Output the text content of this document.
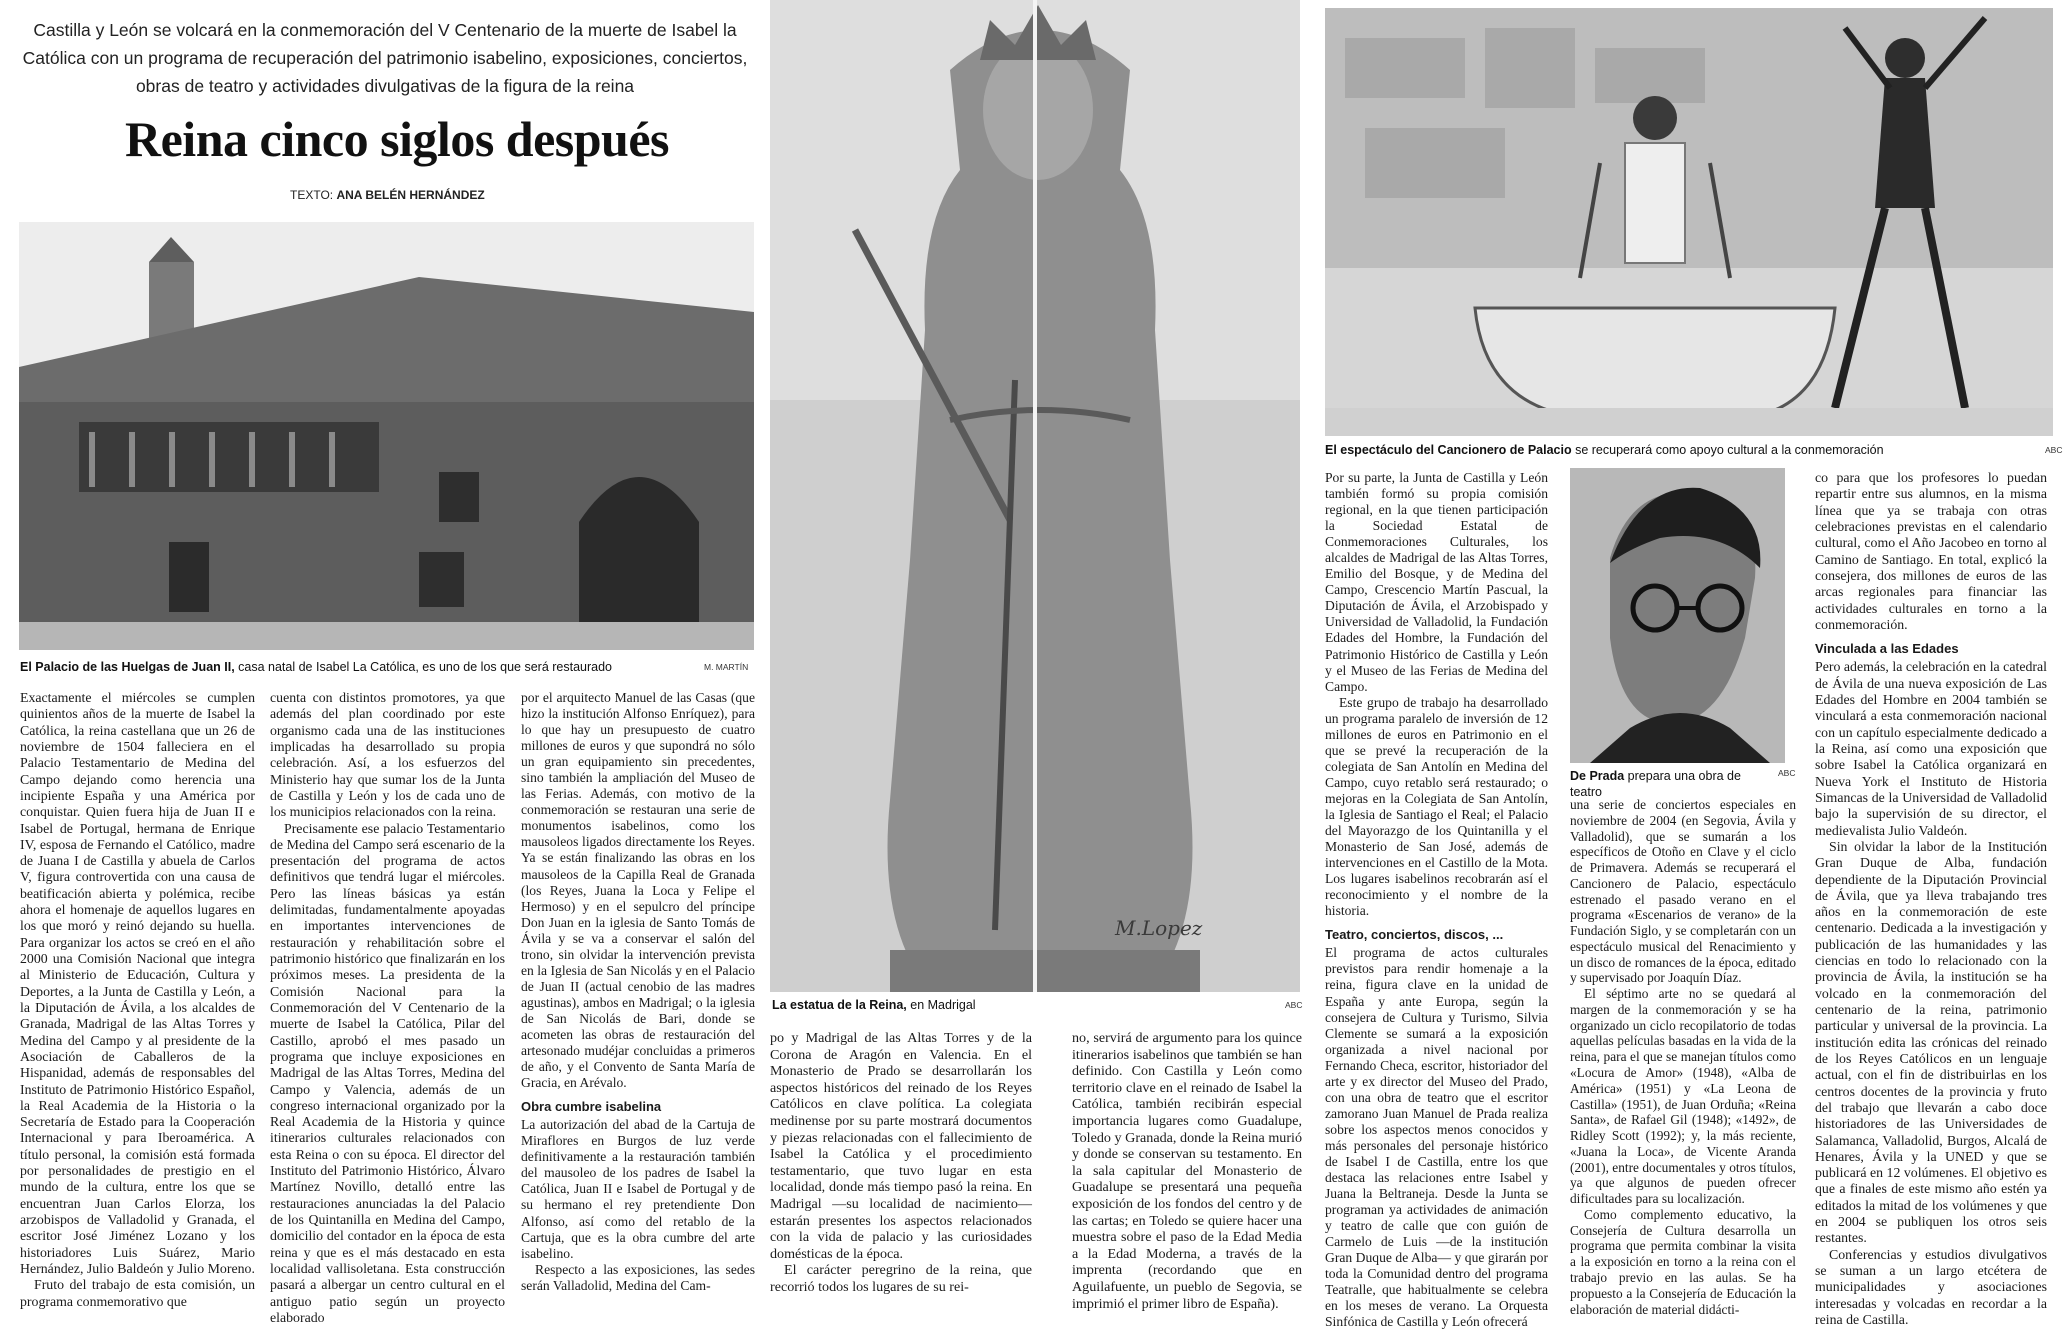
Castilla y León se volcará en la conmemoración del V Centenario de la muerte de Isabel la Católica con un programa de recuperación del patrimonio isabelino, exposiciones, conciertos, obras de teatro y actividades divulgativas de la figura de la reina
Reina cinco siglos después
TEXTO: ANA BELÉN HERNÁNDEZ
El Palacio de las Huelgas de Juan II, casa natal de Isabel La Católica, es uno de los que será restaurado	M. MARTÍN

Exactamente el miércoles se cumplen quinientos años de la muerte de Isabel la Católica, la reina castellana que un 26 de noviembre de 1504 falleciera en el Palacio Testamentario de Medina del Campo dejando como herencia una incipiente España y una América por conquistar. Quien fuera hija de Juan II e Isabel de Portugal, hermana de Enrique IV, esposa de Fernando el Católico, madre de Juana I de Castilla y abuela de Carlos V, figura controvertida con una causa de beatificación abierta y polémica, recibe ahora el homenaje de aquellos lugares en los que moró y reinó dejando su huella. Para organizar los actos se creó en el año 2000 una Comisión Nacional que integra al Ministerio de Educación, Cultura y Deportes, a la Junta de Castilla y León, a la Diputación de Ávila, a los alcaldes de Granada, Madrigal de las Altas Torres y Medina del Campo y al presidente de la Asociación de Caballeros de la Hispanidad, además de responsables del Instituto de Patrimonio Histórico Español, la Real Academia de la Historia o la Secretaría de Estado para la Cooperación Internacional y para Iberoamérica. A título personal, la comisión está formada por personalidades de prestigio en el mundo de la cultura, entre los que se encuentran Juan Carlos Elorza, los arzobispos de Valladolid y Granada, el escritor José Jiménez Lozano y los historiadores Luis Suárez, Mario Hernández, Julio Baldeón y Julio Moreno.

Fruto del trabajo de esta comisión, un programa conmemorativo que

cuenta con distintos promotores, ya que además del plan coordinado por este organismo cada una de las instituciones implicadas ha desarrollado su propia celebración. Así, a los esfuerzos del Ministerio hay que sumar los de la Junta de Castilla y León y los de cada uno de los municipios relacionados con la reina.

Precisamente ese palacio Testamentario de Medina del Campo será escenario de la presentación del programa de actos definitivos que tendrá lugar el miércoles. Pero las líneas básicas ya están delimitadas, fundamentalmente apoyadas en importantes intervenciones de restauración y rehabilitación sobre el patrimonio histórico que finalizarán en los próximos meses. La presidenta de la Comisión Nacional para la Conmemoración del V Centenario de la muerte de Isabel la Católica, Pilar del Castillo, aprobó el mes pasado un programa que incluye exposiciones en Madrigal de las Altas Torres, Medina del Campo y Valencia, además de un congreso internacional organizado por la Real Academia de la Historia y quince itinerarios culturales relacionados con esta Reina o con su época. El director del Instituto del Patrimonio Histórico, Álvaro Martínez Novillo, detalló entre las restauraciones anunciadas la del Palacio de los Quintanilla en Medina del Campo, domicilio del contador en la época de esta reina y que es el más destacado en esta localidad vallisoletana. Esta construcción pasará a albergar un centro cultural en el antiguo patio según un proyecto elaborado

por el arquitecto Manuel de las Casas (que hizo la institución Alfonso Enríquez), para lo que hay un presupuesto de cuatro millones de euros y que supondrá no sólo un gran equipamiento sin precedentes, sino también la ampliación del Museo de las Ferias. Además, con motivo de la conmemoración se restauran una serie de monumentos isabelinos, como los mausoleos ligados directamente los Reyes. Ya se están finalizando las obras en los mausoleos de la Capilla Real de Granada (los Reyes, Juana la Loca y Felipe el Hermoso) y en el sepulcro del príncipe Don Juan en la iglesia de Santo Tomás de Ávila y se va a conservar el salón del trono, sin olvidar la intervención prevista en la Iglesia de San Nicolás y en el Palacio de Juan II (actual cenobio de las madres agustinas), ambos en Madrigal; o la iglesia de San Nicolás de Bari, donde se acometen las obras de restauración del artesonado mudéjar concluidas a primeros de año, y el Convento de Santa María de Gracia, en Arévalo.

Obra cumbre isabelina

La autorización del abad de la Cartuja de Miraflores en Burgos de luz verde definitivamente a la restauración también del mausoleo de los padres de Isabel la Católica, Juan II e Isabel de Portugal y de su hermano el rey pretendiente Don Alfonso, así como del retablo de la Cartuja, que es la obra cumbre del arte isabelino.

Respecto a las exposiciones, las sedes serán Valladolid, Medina del Cam-

M.Lopez
La estatua de la Reina, en Madrigal	ABC

po y Madrigal de las Altas Torres y de la Corona de Aragón en Valencia. En el Monasterio de Prado se desarrollarán los aspectos históricos del reinado de los Reyes Católicos en clave política. La colegiata medinense por su parte mostrará documentos y piezas relacionadas con el fallecimiento de Isabel la Católica y el procedimiento testamentario, que tuvo lugar en esta localidad, donde más tiempo pasó la reina. En Madrigal —su localidad de nacimiento— estarán presentes los aspectos relacionados con la vida de palacio y las curiosidades domésticas de la época.

El carácter peregrino de la reina, que recorrió todos los lugares de su rei-

no, servirá de argumento para los quince itinerarios isabelinos que también se han definido. Con Castilla y León como territorio clave en el reinado de Isabel la Católica, también recibirán especial importancia lugares como Guadalupe, Toledo y Granada, donde la Reina murió y donde se conservan su testamento. En la sala capitular del Monasterio de Guadalupe se presentará una pequeña exposición de los fondos del centro y de las cartas; en Toledo se quiere hacer una muestra sobre el paso de la Edad Media a la Edad Moderna, a través de la imprenta (recordando que en Aguilafuente, un pueblo de Segovia, se imprimió el primer libro de España).

El espectáculo del Cancionero de Palacio se recuperará como apoyo cultural a la conmemoración	ABC

Por su parte, la Junta de Castilla y León también formó su propia comisión regional, en la que tienen participación la Sociedad Estatal de Conmemoraciones Culturales, los alcaldes de Madrigal de las Altas Torres, Emilio del Bosque, y de Medina del Campo, Crescencio Martín Pascual, la Diputación de Ávila, el Arzobispado y Universidad de Valladolid, la Fundación Edades del Hombre, la Fundación del Patrimonio Histórico de Castilla y León y el Museo de las Ferias de Medina del Campo.

Este grupo de trabajo ha desarrollado un programa paralelo de inversión de 12 millones de euros en Patrimonio en el que se prevé la recuperación de la colegiata de San Antolín en Medina del Campo, cuyo retablo será restaurado; o mejoras en la Colegiata de San Antolín, la Iglesia de Santiago el Real; el Palacio del Mayorazgo de los Quintanilla y el Monasterio de San José, además de intervenciones en el Castillo de la Mota. Los lugares isabelinos recobrarán así el reconocimiento y el nombre de la historia.

Teatro, conciertos, discos, ...

El programa de actos culturales previstos para rendir homenaje a la reina, figura clave en la unidad de España y ante Europa, según la consejera de Cultura y Turismo, Silvia Clemente se sumará a la exposición organizada a nivel nacional por Fernando Checa, escritor, historiador del arte y ex director del Museo del Prado, con una obra de teatro que el escritor zamorano Juan Manuel de Prada realiza sobre los aspectos menos conocidos y más personales del personaje histórico de Isabel I de Castilla, entre los que destaca las relaciones entre Isabel y Juana la Beltraneja. Desde la Junta se programan ya actividades de animación y teatro de calle que con guión de Carmelo de Luis —de la institución Gran Duque de Alba— y que girarán por toda la Comunidad dentro del programa Teatralle, que habitualmente se celebra en los meses de verano. La Orquesta Sinfónica de Castilla y León ofrecerá

De Prada prepara una obra de teatro
ABC

una serie de conciertos especiales en noviembre de 2004 (en Segovia, Ávila y Valladolid), que se sumarán a los específicos de Otoño en Clave y el ciclo de Primavera. Además se recuperará el Cancionero de Palacio, espectáculo estrenado el pasado verano en el programa «Escenarios de verano» de la Fundación Siglo, y se completarán con un espectáculo musical del Renacimiento y un disco de romances de la época, editado y supervisado por Joaquín Díaz.

El séptimo arte no se quedará al margen de la conmemoración y se ha organizado un ciclo recopilatorio de todas aquellas películas basadas en la vida de la reina, para el que se manejan títulos como «Locura de Amor» (1948), «Alba de América» (1951) y «La Leona de Castilla» (1951), de Juan Orduña; «Reina Santa», de Rafael Gil (1948); «1492», de Ridley Scott (1992); y, la más reciente, «Juana la Loca», de Vicente Aranda (2001), entre documentales y otros títulos, ya que algunos de pueden ofrecer dificultades para su localización.

Como complemento educativo, la Consejería de Cultura desarrolla un programa que permita combinar la visita a la exposición en torno a la reina con el trabajo previo en las aulas. Se ha propuesto a la Consejería de Educación la elaboración de material didácti-

co para que los profesores lo puedan repartir entre sus alumnos, en la misma línea que ya se trabaja con otras celebraciones previstas en el calendario cultural, como el Año Jacobeo en torno al Camino de Santiago. En total, explicó la consejera, dos millones de euros de las arcas regionales para financiar las actividades culturales en torno a la conmemoración.

Vinculada a las Edades

Pero además, la celebración en la catedral de Ávila de una nueva exposición de Las Edades del Hombre en 2004 también se vinculará a esta conmemoración nacional con un capítulo especialmente dedicado a la Reina, así como una exposición que sobre Isabel la Católica organizará en Nueva York el Instituto de Historia Simancas de la Universidad de Valladolid bajo la supervisión de su director, el medievalista Julio Valdeón.

Sin olvidar la labor de la Institución Gran Duque de Alba, fundación dependiente de la Diputación Provincial de Ávila, que ya lleva trabajando tres años en la conmemoración de este centenario. Dedicada a la investigación y publicación de las humanidades y las ciencias en todo lo relacionado con la provincia de Ávila, la institución se ha volcado en la conmemoración del centenario de la reina, patrimonio particular y universal de la provincia. La institución edita las crónicas del reinado de los Reyes Católicos en un lenguaje actual, con el fin de distribuirlas en los centros docentes de la provincia y fruto del trabajo que llevarán a cabo doce historiadores de las Universidades de Salamanca, Valladolid, Burgos, Alcalá de Henares, Ávila y la UNED y que se publicará en 12 volúmenes. El objetivo es que a finales de este mismo año estén ya editados la mitad de los volúmenes y que en 2004 se publiquen los otros seis restantes.

Conferencias y estudios divulgativos se suman a un largo etcétera de municipalidades y asociaciones interesadas y volcadas en recordar a la reina de Castilla.
